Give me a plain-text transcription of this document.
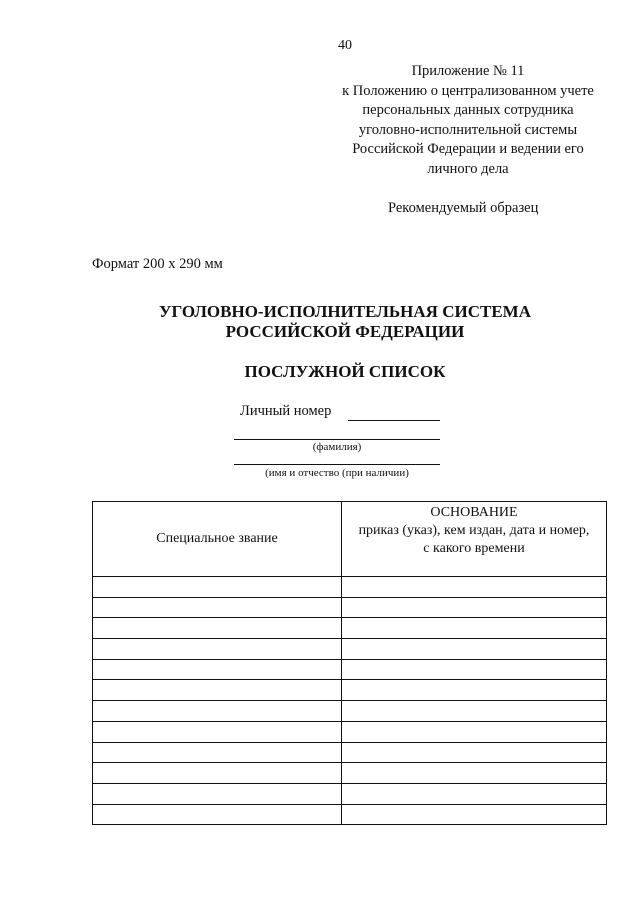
40
Приложение № 11
к Положению о централизованном учете
персональных данных сотрудника
уголовно-исполнительной системы
Российской Федерации и ведении его
личного дела
Рекомендуемый образец
Формат 200 x 290 мм
УГОЛОВНО-ИСПОЛНИТЕЛЬНАЯ СИСТЕМА
РОССИЙСКОЙ ФЕДЕРАЦИИ
ПОСЛУЖНОЙ СПИСОК
Личный номер
(фамилия)
(имя и отчество (при наличии)
Специальное звание	ОСНОВАНИЕ
приказ (указ), кем издан, дата и номер,
с какого времени
